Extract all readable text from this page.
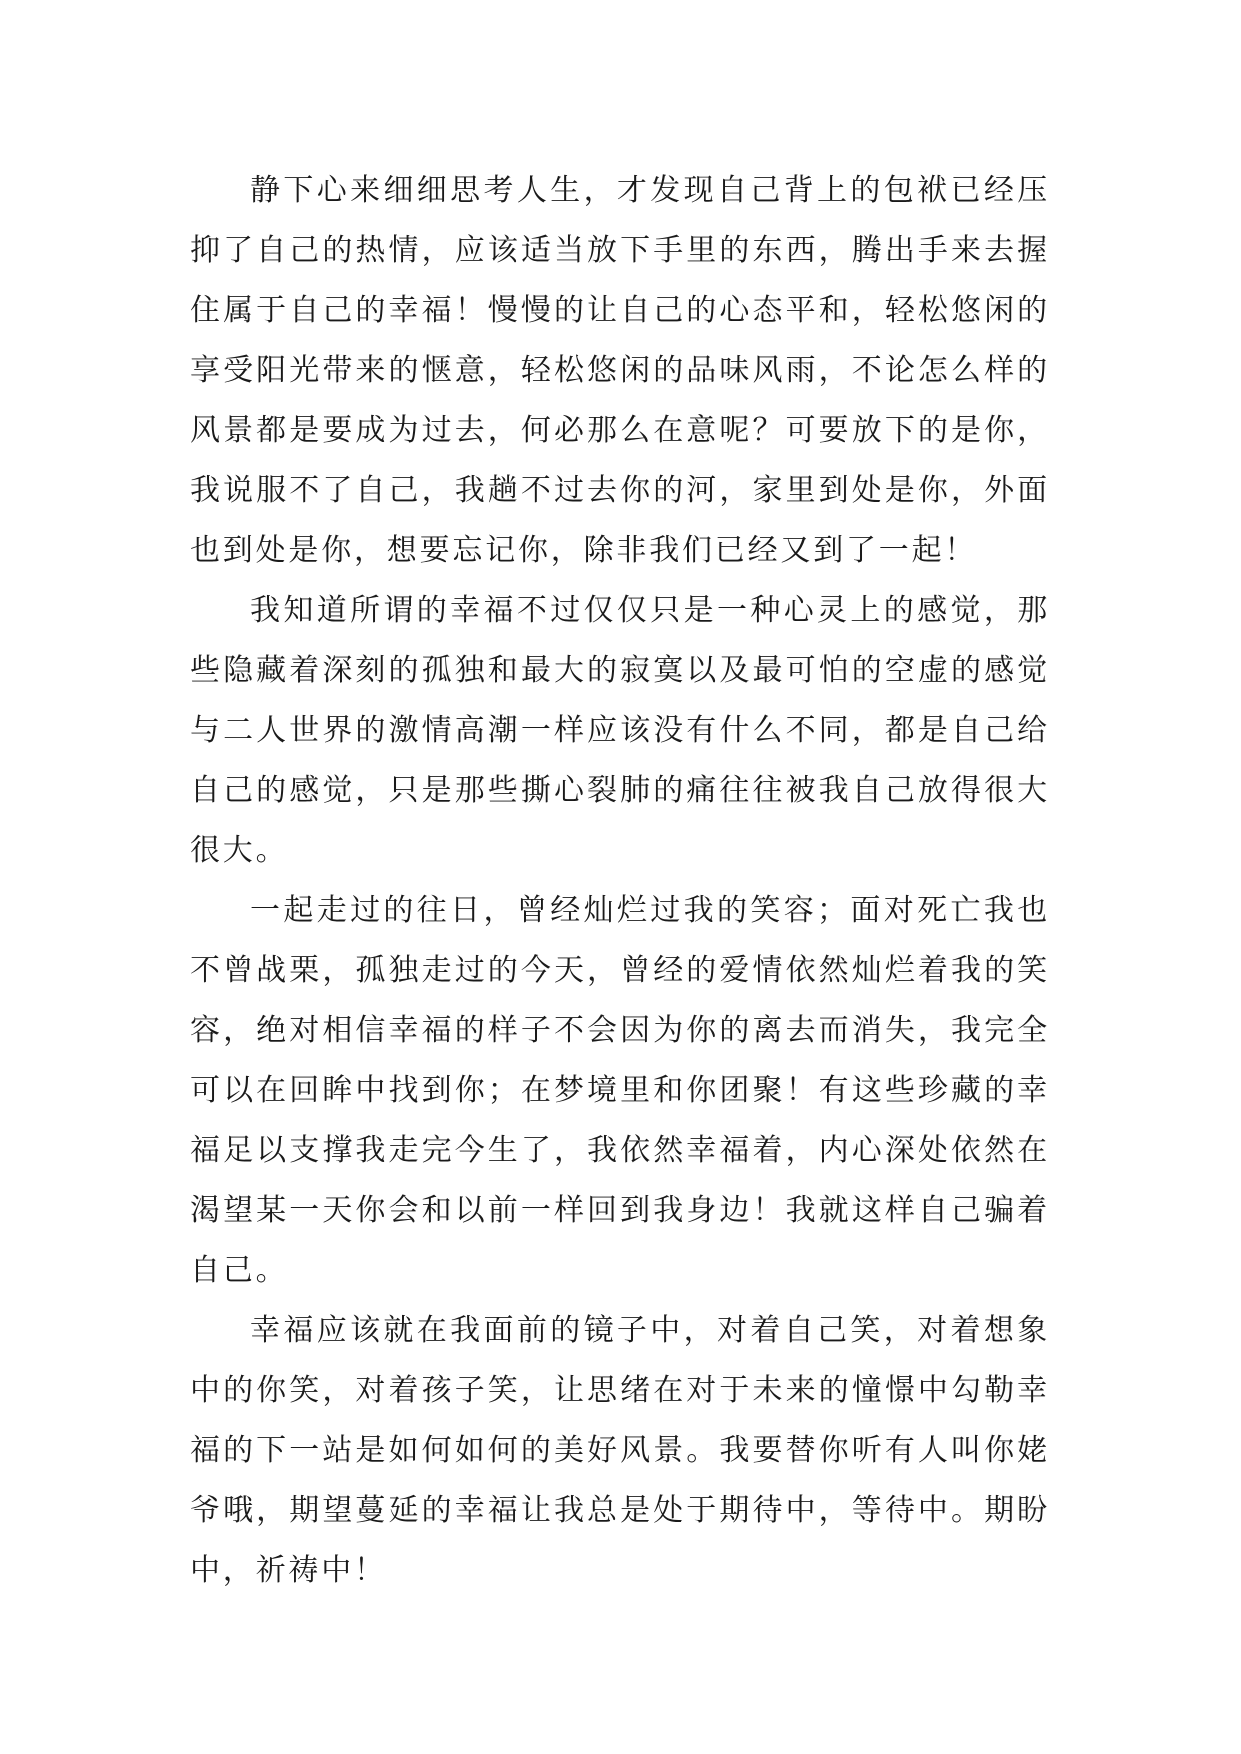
静下心来细细思考人生，才发现自己背上的包袱已经压抑了自己的热情，应该适当放下手里的东西，腾出手来去握住属于自己的幸福！慢慢的让自己的心态平和，轻松悠闲的享受阳光带来的惬意，轻松悠闲的品味风雨，不论怎么样的风景都是要成为过去，何必那么在意呢？可要放下的是你，我说服不了自己，我趟不过去你的河，家里到处是你，外面也到处是你，想要忘记你，除非我们已经又到了一起！

我知道所谓的幸福不过仅仅只是一种心灵上的感觉，那些隐藏着深刻的孤独和最大的寂寞以及最可怕的空虚的感觉与二人世界的激情高潮一样应该没有什么不同，都是自己给自己的感觉，只是那些撕心裂肺的痛往往被我自己放得很大很大。

一起走过的往日，曾经灿烂过我的笑容；面对死亡我也不曾战栗，孤独走过的今天，曾经的爱情依然灿烂着我的笑容，绝对相信幸福的样子不会因为你的离去而消失，我完全可以在回眸中找到你；在梦境里和你团聚！有这些珍藏的幸福足以支撑我走完今生了，我依然幸福着，内心深处依然在渴望某一天你会和以前一样回到我身边！我就这样自己骗着自己。

幸福应该就在我面前的镜子中，对着自己笑，对着想象中的你笑，对着孩子笑，让思绪在对于未来的憧憬中勾勒幸福的下一站是如何如何的美好风景。我要替你听有人叫你姥爷哦，期望蔓延的幸福让我总是处于期待中，等待中。期盼中，祈祷中！
